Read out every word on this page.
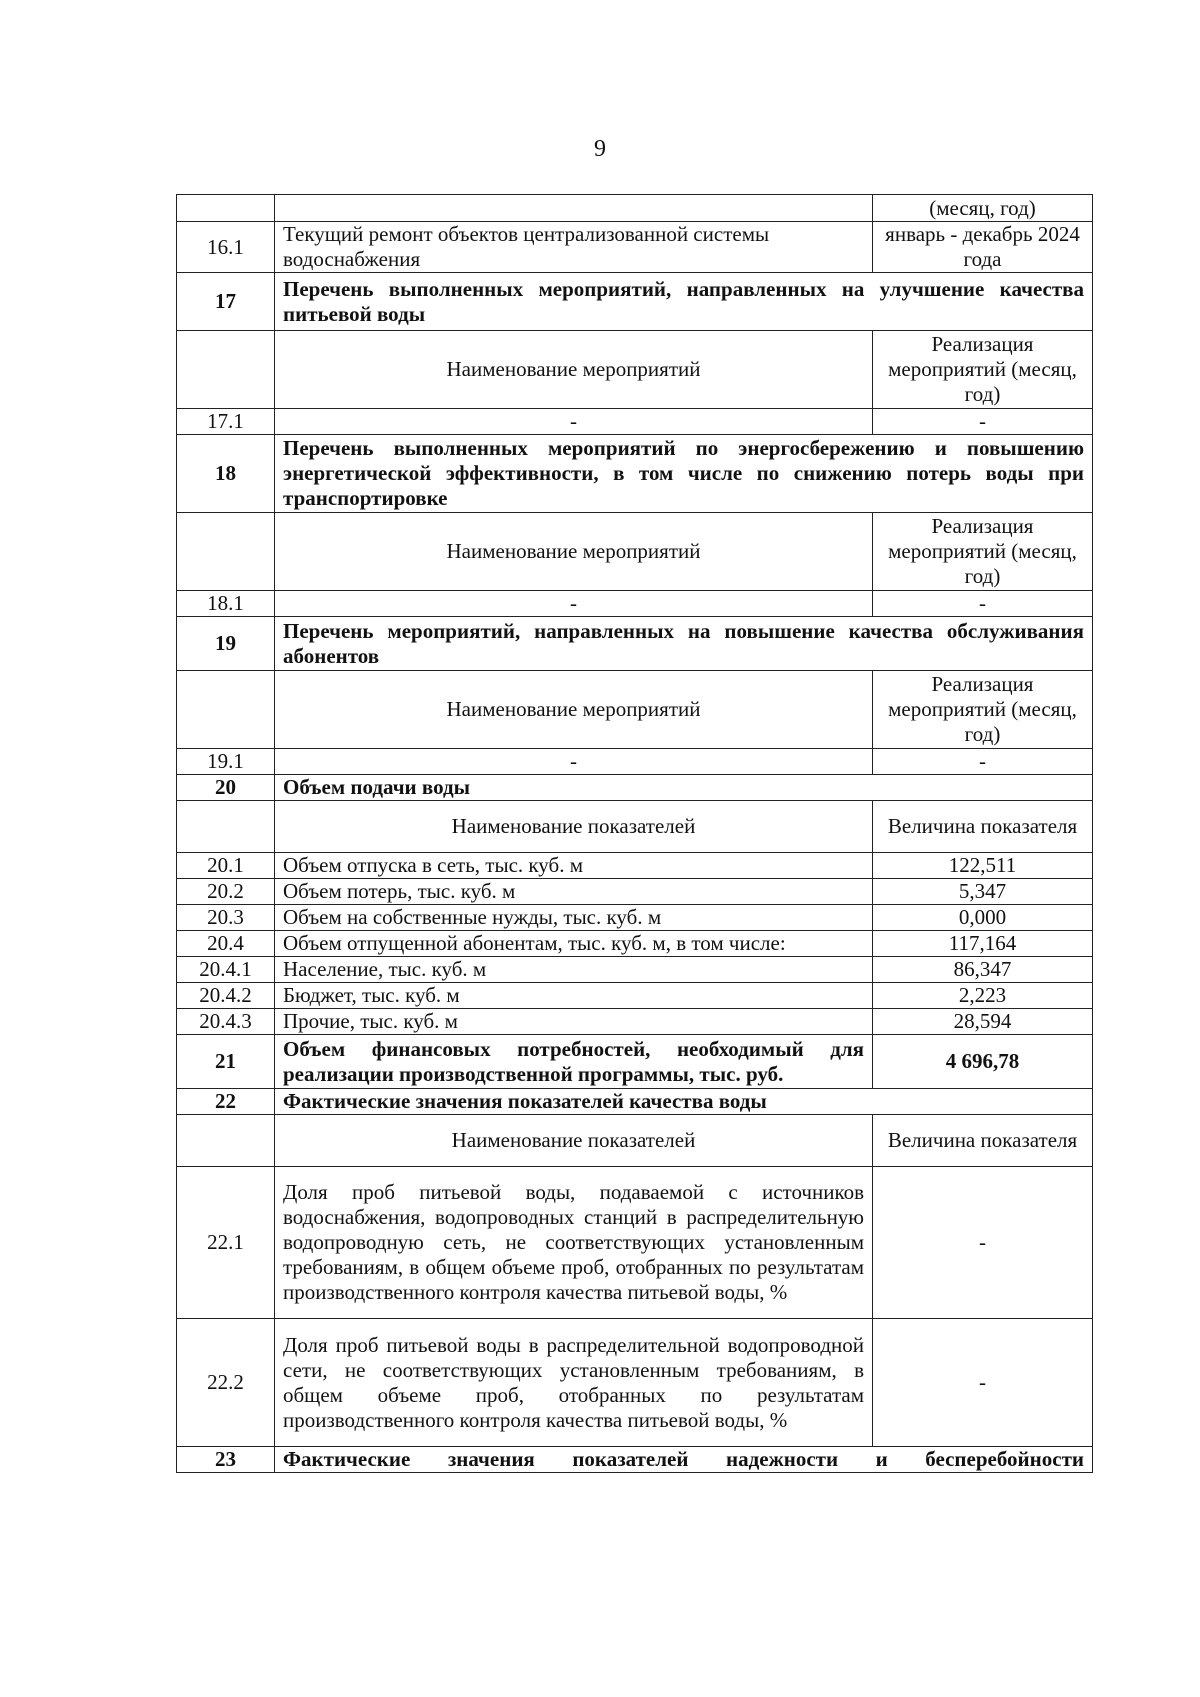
9
		(месяц, год)
16.1	Текущий ремонт объектов централизованной системы водоснабжения	январь - декабрь 2024 года
17	Перечень выполненных мероприятий, направленных на улучшение качества питьевой воды	
	Наименование мероприятий	Реализация мероприятий (месяц, год)
17.1	-	-
18	Перечень выполненных мероприятий по энергосбережению и повышению энергетической эффективности, в том числе по снижению потерь воды при транспортировке	
	Наименование мероприятий	Реализация мероприятий (месяц, год)
18.1	-	-
19	Перечень мероприятий, направленных на повышение качества обслуживания абонентов	
	Наименование мероприятий	Реализация мероприятий (месяц, год)
19.1	-	-
20	Объем подачи воды	
	Наименование показателей	Величина показателя
20.1	Объем отпуска в сеть, тыс. куб. м	122,511
20.2	Объем потерь, тыс. куб. м	5,347
20.3	Объем на собственные нужды, тыс. куб. м	0,000
20.4	Объем отпущенной абонентам, тыс. куб. м, в том числе:	117,164
20.4.1	Население, тыс. куб. м	86,347
20.4.2	Бюджет, тыс. куб. м	2,223
20.4.3	Прочие, тыс. куб. м	28,594
21	Объем финансовых потребностей, необходимый для реализации производственной программы, тыс. руб.	4 696,78
22	Фактические значения показателей качества воды	
	Наименование показателей	Величина показателя
22.1	Доля проб питьевой воды, подаваемой с источников водоснабжения, водопроводных станций в распределительную водопроводную сеть, не соответствующих установленным требованиям, в общем объеме проб, отобранных по результатам производственного контроля качества питьевой воды, %	-
22.2	Доля проб питьевой воды в распределительной водопроводной сети, не соответствующих установленным требованиям, в общем объеме проб, отобранных по результатам производственного контроля качества питьевой воды, %	-
23	Фактические значения показателей надежности и бесперебойности	
